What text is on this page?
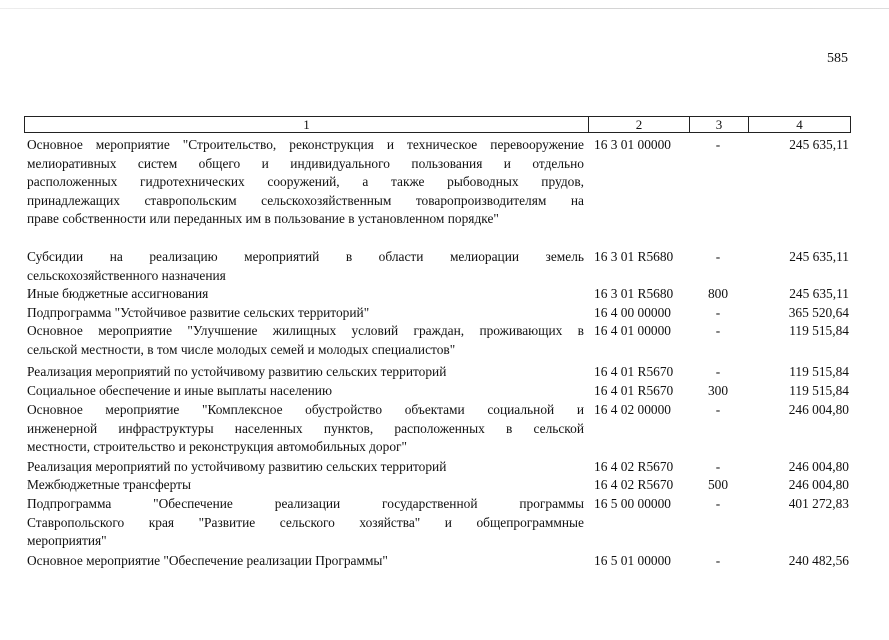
585
1	2	3	4
Основное мероприятие "Строительство, реконструкция и техническое перевооружение
мелиоративных систем общего и индивидуального пользования и отдельно
расположенных гидротехнических сооружений, а также рыбоводных прудов,
принадлежащих ставропольским сельскохозяйственным товаропроизводителям на
праве собственности или переданных им в пользование в установленном порядке"
16 3 01 00000	-	245 635,11
Субсидии на реализацию мероприятий в области мелиорации земель
сельскохозяйственного назначения
16 3 01 R5680	-	245 635,11
Иные бюджетные ассигнования	16 3 01 R5680	800	245 635,11
Подпрограмма "Устойчивое развитие сельских территорий"	16 4 00 00000	-	365 520,64
Основное мероприятие "Улучшение жилищных условий граждан, проживающих в
сельской местности, в том числе молодых семей и молодых специалистов"
16 4 01 00000	-	119 515,84
Реализация мероприятий по устойчивому развитию сельских территорий	16 4 01 R5670	-	119 515,84
Социальное обеспечение и иные выплаты населению	16 4 01 R5670	300	119 515,84
Основное мероприятие "Комплексное обустройство объектами социальной и
инженерной инфраструктуры населенных пунктов, расположенных в сельской
местности, строительство и реконструкция автомобильных дорог"
16 4 02 00000	-	246 004,80
Реализация мероприятий по устойчивому развитию сельских территорий	16 4 02 R5670	-	246 004,80
Межбюджетные трансферты	16 4 02 R5670	500	246 004,80
Подпрограмма "Обеспечение реализации государственной программы
Ставропольского края "Развитие сельского хозяйства" и общепрограммные
мероприятия"
16 5 00 00000	-	401 272,83
Основное мероприятие "Обеспечение реализации Программы"	16 5 01 00000	-	240 482,56
